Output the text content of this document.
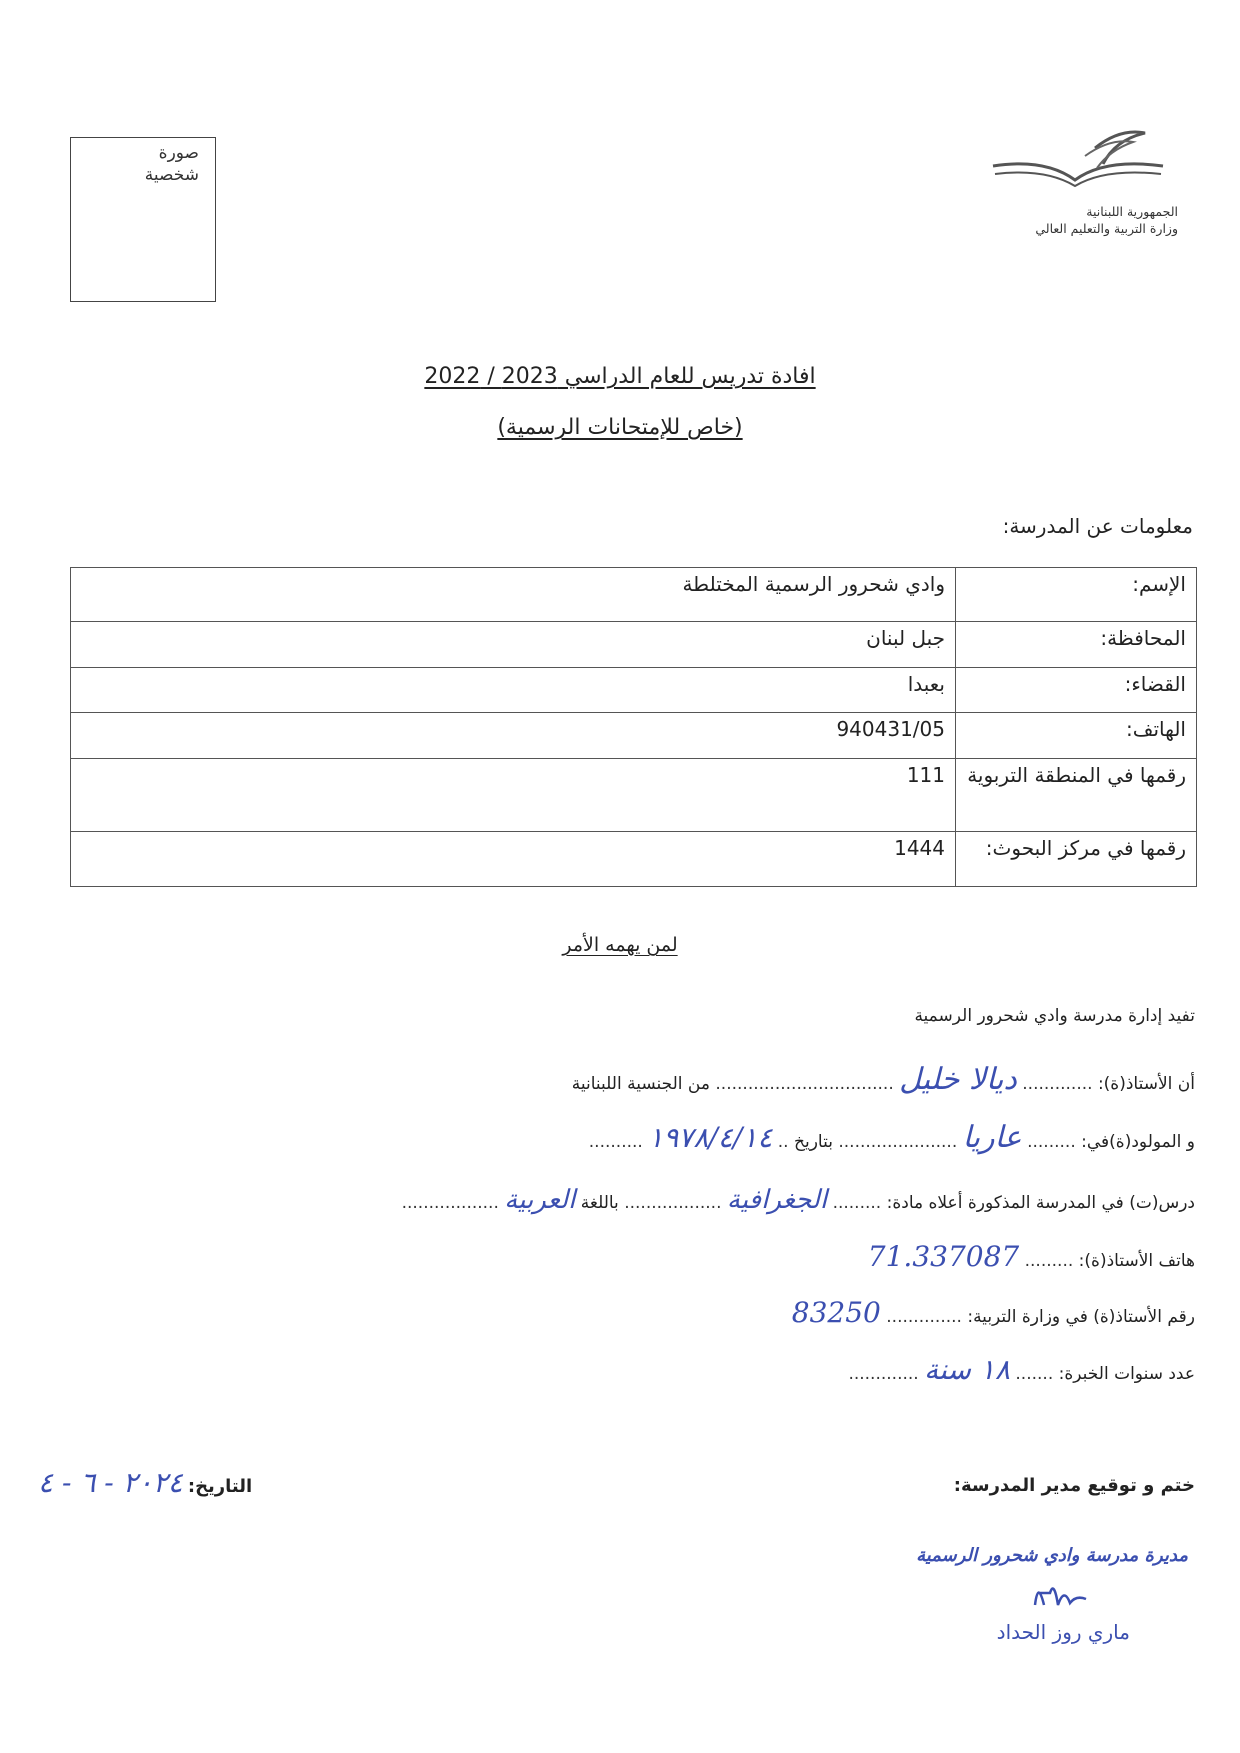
صورة
شخصية
الجمهورية اللبنانية
وزارة التربية والتعليم العالي
افادة تدريس للعام الدراسي 2023 / 2022
(خاص للإمتحانات الرسمية)
معلومات عن المدرسة:
الإسم:	وادي شحرور الرسمية المختلطة
المحافظة:	جبل لبنان
القضاء:	بعبدا
الهاتف:	940431/05
رقمها في المنطقة التربوية	111
رقمها في مركز البحوث:	1444
لمن يهمه الأمر
تفيد إدارة مدرسة وادي شحرور الرسمية
أن الأستاذ(ة): ............. ديالا خليل ................................. من الجنسية اللبنانية
و المولود(ة)في: ......... عاريا ...................... بتاريخ .. ١٩٧٨/٤/١٤ ..........
درس(ت) في المدرسة المذكورة أعلاه مادة: ......... الجغرافية .................. باللغة العربية ..................
هاتف الأستاذ(ة): ......... 71.337087
رقم الأستاذ(ة) في وزارة التربية: .............. 83250
عدد سنوات الخبرة: ....... ١٨ سنة .............
ختم و توقيع مدير المدرسة:
التاريخ: ٢٠٢٤ - ٦ - ٤
مديرة مدرسة وادي شحرور الرسمية
ماري روز الحداد
